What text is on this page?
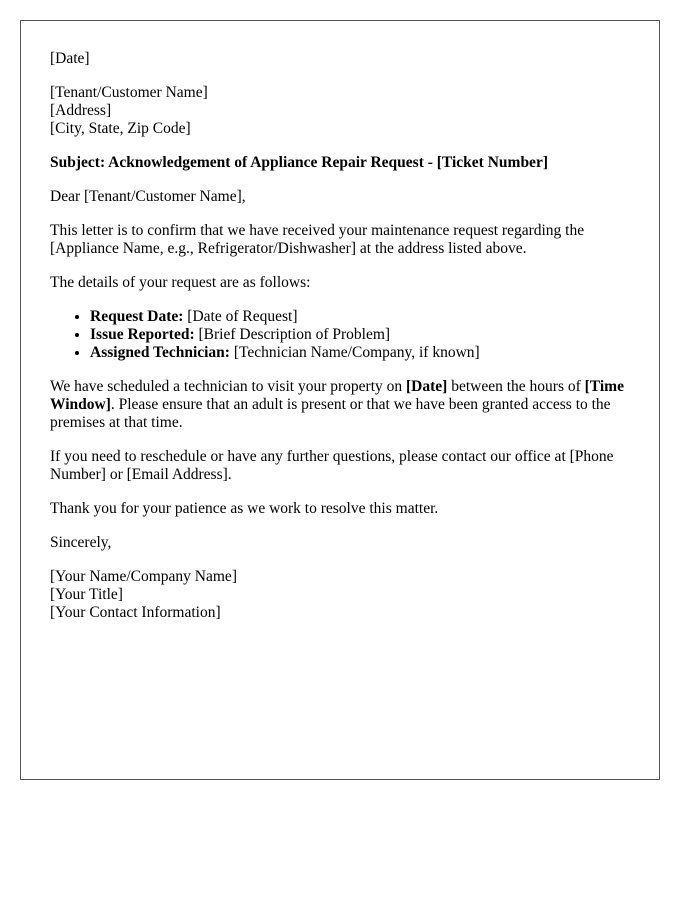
[Date]

[Tenant/Customer Name]
[Address]
[City, State, Zip Code]

Subject: Acknowledgement of Appliance Repair Request - [Ticket Number]

Dear [Tenant/Customer Name],

This letter is to confirm that we have received your maintenance request regarding the [Appliance Name, e.g., Refrigerator/Dishwasher] at the address listed above.

The details of your request are as follows:

• Request Date: [Date of Request]
• Issue Reported: [Brief Description of Problem]
• Assigned Technician: [Technician Name/Company, if known]

We have scheduled a technician to visit your property on [Date] between the hours of [Time Window]. Please ensure that an adult is present or that we have been granted access to the premises at that time.

If you need to reschedule or have any further questions, please contact our office at [Phone Number] or [Email Address].

Thank you for your patience as we work to resolve this matter.

Sincerely,

[Your Name/Company Name]
[Your Title]
[Your Contact Information]
